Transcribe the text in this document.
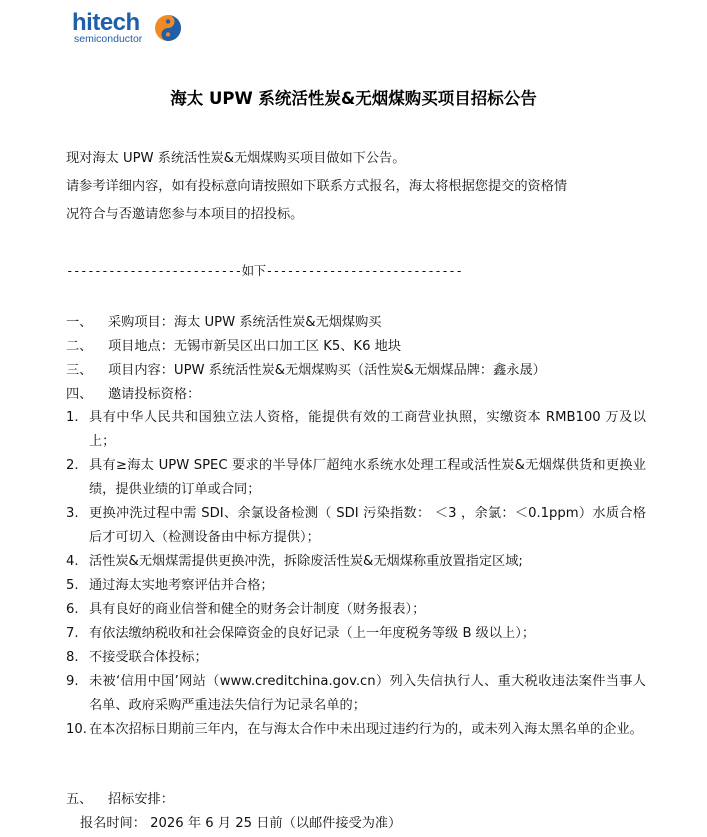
hitech
semiconductor
海太 UPW 系统活性炭&无烟煤购买项目招标公告
现对海太 UPW 系统活性炭&无烟煤购买项目做如下公告。
请参考详细内容，如有投标意向请按照如下联系方式报名，海太将根据您提交的资格情
况符合与否邀请您参与本项目的招投标。
-------------------------如下----------------------------
一、 采购项目：海太 UPW 系统活性炭&无烟煤购买
二、 项目地点：无锡市新吴区出口加工区 K5、K6 地块
三、 项目内容：UPW 系统活性炭&无烟煤购买（活性炭&无烟煤品牌：鑫永晟）
四、 邀请投标资格：
1. 具有中华人民共和国独立法人资格，能提供有效的工商营业执照，实缴资本 RMB100 万及以上；
2. 具有≥海太 UPW SPEC 要求的半导体厂超纯水系统水处理工程或活性炭&无烟煤供货和更换业绩，提供业绩的订单或合同；
3. 更换冲洗过程中需 SDI、余氯设备检测（ SDI 污染指数： ＜3 ，余氯：＜0.1ppm）水质合格后才可切入（检测设备由中标方提供）；
4. 活性炭&无烟煤需提供更换冲洗，拆除废活性炭&无烟煤称重放置指定区域;
5. 通过海太实地考察评估并合格；
6. 具有良好的商业信誉和健全的财务会计制度（财务报表）；
7. 有依法缴纳税收和社会保障资金的良好记录（上一年度税务等级 B 级以上）；
8. 不接受联合体投标；
9. 未被‘信用中国’网站（www.creditchina.gov.cn）列入失信执行人、重大税收违法案件当事人名单、政府采购严重违法失信行为记录名单的；
10. 在本次招标日期前三年内，在与海太合作中未出现过违约行为的，或未列入海太黑名单的企业。
五、 招标安排：
报名时间： 2026 年 6 月 25 日前（以邮件接受为准）
